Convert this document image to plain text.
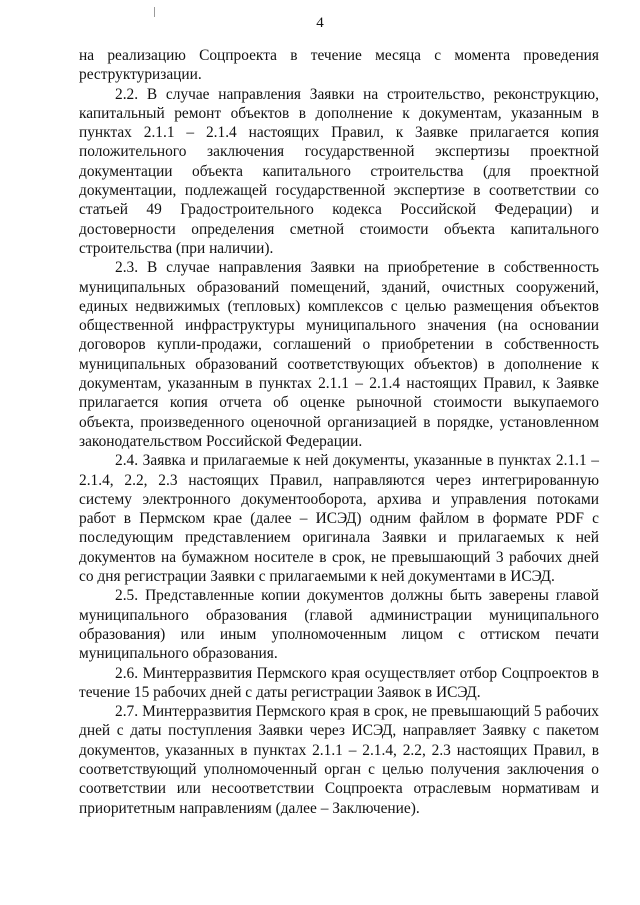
4

на реализацию Соцпроекта в течение месяца с момента проведения реструктуризации.

2.2. В случае направления Заявки на строительство, реконструкцию, капитальный ремонт объектов в дополнение к документам, указанным в пунктах 2.1.1 – 2.1.4 настоящих Правил, к Заявке прилагается копия положительного заключения государственной экспертизы проектной документации объекта капитального строительства (для проектной документации, подлежащей государственной экспертизе в соответствии со статьей 49 Градостроительного кодекса Российской Федерации) и достоверности определения сметной стоимости объекта капитального строительства (при наличии).

2.3. В случае направления Заявки на приобретение в собственность муниципальных образований помещений, зданий, очистных сооружений, единых недвижимых (тепловых) комплексов с целью размещения объектов общественной инфраструктуры муниципального значения (на основании договоров купли-продажи, соглашений о приобретении в собственность муниципальных образований соответствующих объектов) в дополнение к документам, указанным в пунктах 2.1.1 – 2.1.4 настоящих Правил, к Заявке прилагается копия отчета об оценке рыночной стоимости выкупаемого объекта, произведенного оценочной организацией в порядке, установленном законодательством Российской Федерации.

2.4. Заявка и прилагаемые к ней документы, указанные в пунктах 2.1.1 – 2.1.4, 2.2, 2.3 настоящих Правил, направляются через интегрированную систему электронного документооборота, архива и управления потоками работ в Пермском крае (далее – ИСЭД) одним файлом в формате PDF с последующим представлением оригинала Заявки и прилагаемых к ней документов на бумажном носителе в срок, не превышающий 3 рабочих дней со дня регистрации Заявки с прилагаемыми к ней документами в ИСЭД.

2.5. Представленные копии документов должны быть заверены главой муниципального образования (главой администрации муниципального образования) или иным уполномоченным лицом с оттиском печати муниципального образования.

2.6. Минтерразвития Пермского края осуществляет отбор Соцпроектов в течение 15 рабочих дней с даты регистрации Заявок в ИСЭД.

2.7. Минтерразвития Пермского края в срок, не превышающий 5 рабочих дней с даты поступления Заявки через ИСЭД, направляет Заявку с пакетом документов, указанных в пунктах 2.1.1 – 2.1.4, 2.2, 2.3 настоящих Правил, в соответствующий уполномоченный орган с целью получения заключения о соответствии или несоответствии Соцпроекта отраслевым нормативам и приоритетным направлениям (далее – Заключение).
